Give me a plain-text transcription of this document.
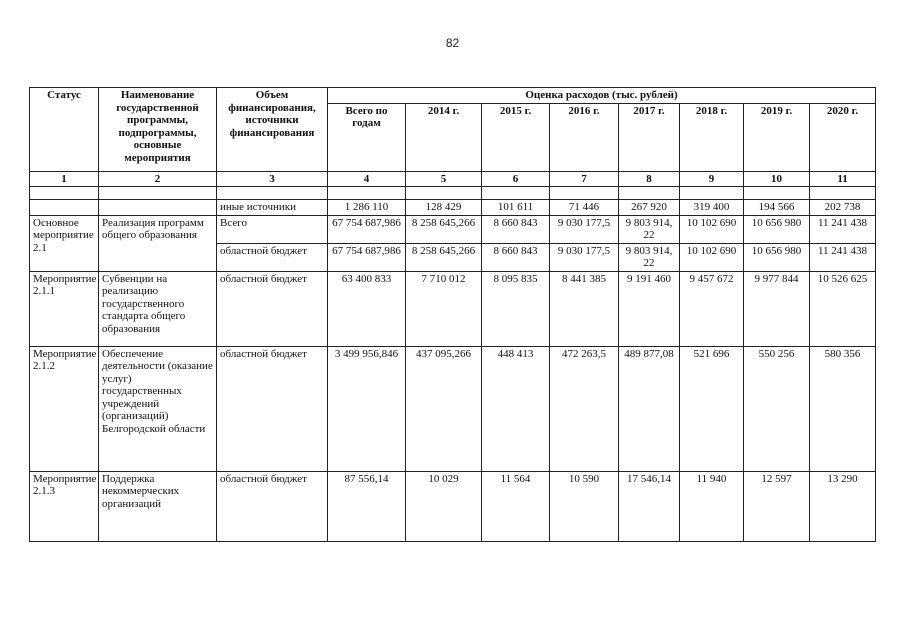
82
Статус	Наименование государственной программы, подпрограммы, основные мероприятия	Объем финансирования, источники финансирования	Оценка расходов (тыс. рублей)							
			Всего по годам	2014 г.	2015 г.	2016 г.	2017 г.	2018 г.	2019 г.	2020 г.
1	2	3	4	5	6	7	8	9	10	11

		иные источники	1 286 110	128 429	101 611	71 446	267 920	319 400	194 566	202 738
Основное мероприятие 2.1	Реализация программ общего образования	Всего	67 754 687,986	8 258 645,266	8 660 843	9 030 177,5	9 803 914, 22	10 102 690	10 656 980	11 241 438
		областной бюджет	67 754 687,986	8 258 645,266	8 660 843	9 030 177,5	9 803 914, 22	10 102 690	10 656 980	11 241 438
Мероприятие 2.1.1	Субвенции на реализацию государственного стандарта общего образования	областной бюджет	63 400 833	7 710 012	8 095 835	8 441 385	9 191 460	9 457 672	9 977 844	10 526 625
Мероприятие 2.1.2	Обеспечение деятельности (оказание услуг) государственных учреждений (организаций) Белгородской области	областной бюджет	3 499 956,846	437 095,266	448 413	472 263,5	489 877,08	521 696	550 256	580 356
Мероприятие 2.1.3	Поддержка некоммерческих организаций	областной бюджет	87 556,14	10 029	11 564	10 590	17 546,14	11 940	12 597	13 290
